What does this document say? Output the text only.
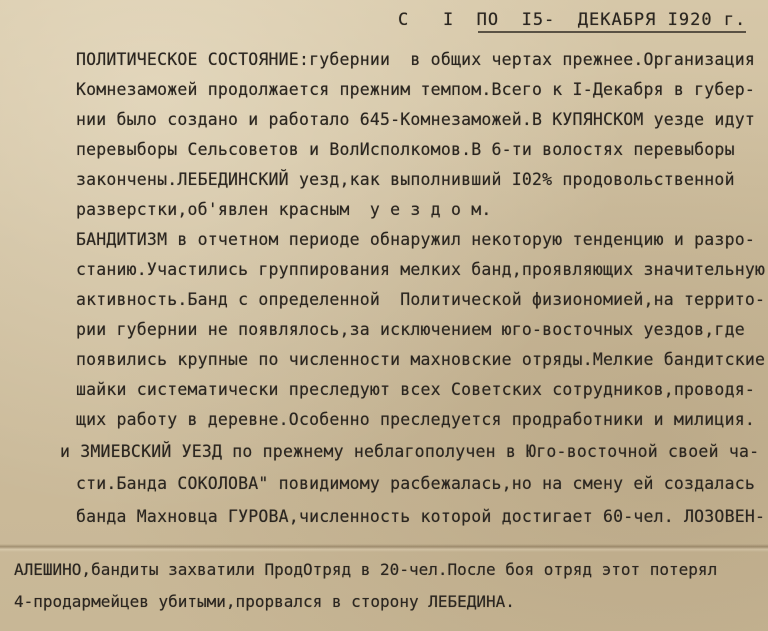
С   I  ПО  I5-  ДЕКАБРЯ I920 г.
ПОЛИТИЧЕСКОЕ СОСТОЯНИЕ:губернии  в общих чертах прежнее.Организация
Комнезаможей продолжается прежним темпом.Всего к I-Декабря в губер-
нии было создано и работало 645-Комнезаможей.В КУПЯНСКОМ уезде идут
перевыборы Сельсоветов и ВолИсполкомов.В 6-ти волостях перевыборы
закончены.ЛЕБЕДИНСКИЙ уезд,как выполнивший I02% продовольственной
разверстки,об'явлен красным  у е з д о м.
БАНДИТИЗМ в отчетном периоде обнаружил некоторую тенденцию и разро-
станию.Участились группирования мелких банд,проявляющих значительную
активность.Банд с определенной  Политической физиономией,на террито-
рии губернии не появлялось,за исключением юго-восточных уездов,где
появились крупные по численности махновские отряды.Мелкие бандитские
шайки систематически преследуют всех Советских сотрудников,проводя-
щих работу в деревне.Особенно преследуется продработники и милиция.
и ЗМИЕВСКИЙ УЕЗД по прежнему неблагополучен в Юго-восточной своей ча-
сти.Банда СОКОЛОВА" повидимому расбежалась,но на смену ей создалась
банда Махновца ГУРОВА,численность которой достигает 60-чел. ЛОЗОВЕН-
АЛЕШИНО,бандиты захватили ПродОтряд в 20-чел.После боя отряд этот потерял
4-продармейцев убитыми,прорвался в сторону ЛЕБЕДИНА.
